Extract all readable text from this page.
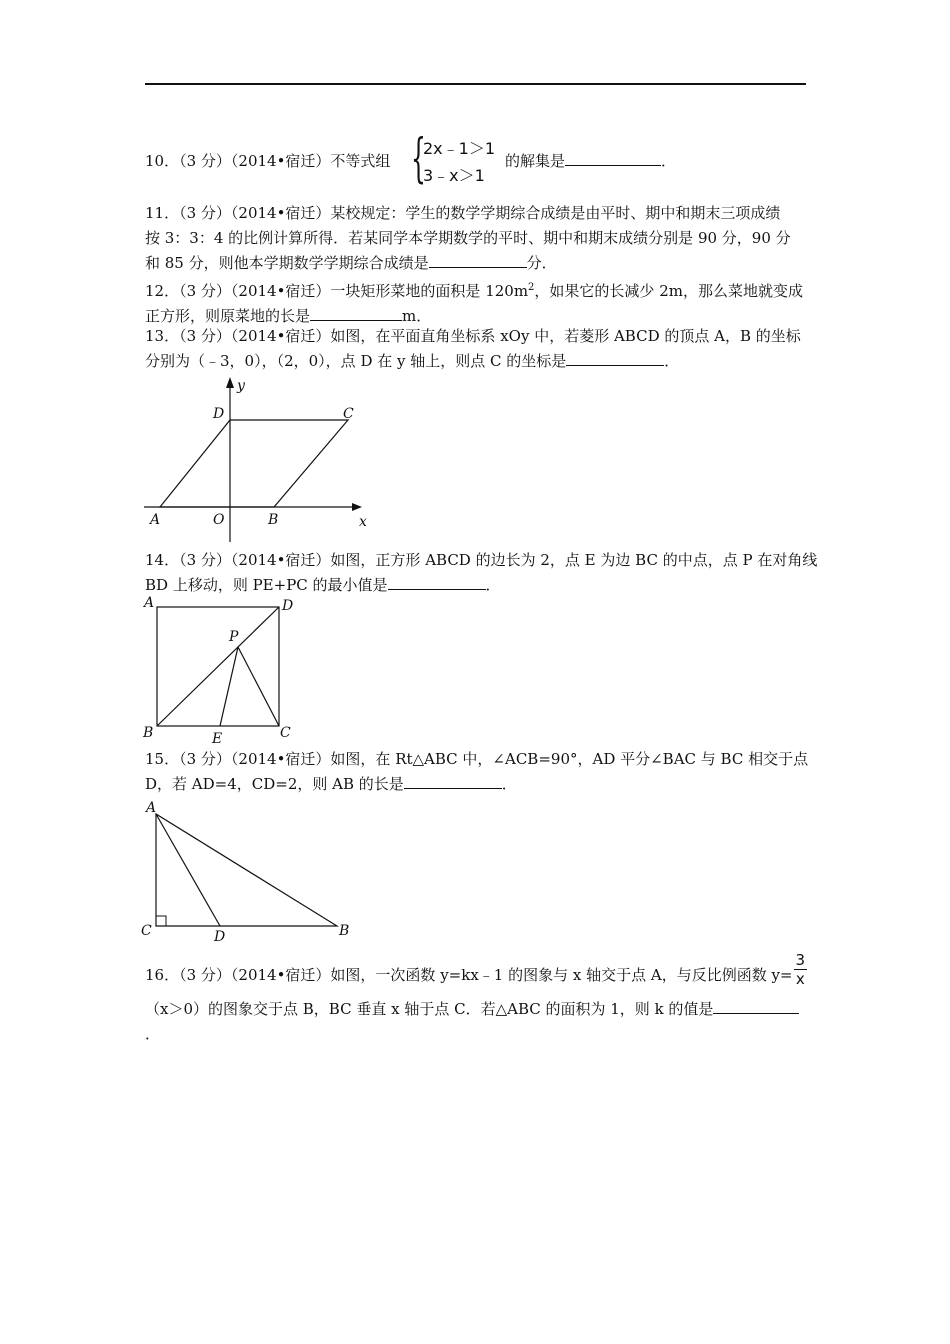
10．（3 分）（2014•宿迁）不等式组 {
2x﹣1＞1
3﹣x＞1
的解集是	．
11．（3 分）（2014•宿迁）某校规定：学生的数学学期综合成绩是由平时、期中和期末三项成绩
按 3：3：4 的比例计算所得．若某同学本学期数学的平时、期中和期末成绩分别是 90 分，90 分
和 85 分，则他本学期数学学期综合成绩是	分．
12．（3 分）（2014•宿迁）一块矩形菜地的面积是 $120m^2$，如果它的长减少 2m，那么菜地就变成
正方形，则原菜地的长是	m．
13．（3 分）（2014•宿迁）如图，在平面直角坐标系 xOy 中，若菱形 ABCD 的顶点 A，B 的坐标
分别为（﹣3，0），（2，0），点 D 在 y 轴上，则点 C 的坐标是	．
y
D	C
A	O	B	x
14．（3 分）（2014•宿迁）如图，正方形 ABCD 的边长为 2，点 E 为边 BC 的中点，点 P 在对角线
BD 上移动，则 PE+PC 的最小值是	．
A	D
P
B	E	C
15．（3 分）（2014•宿迁）如图，在 Rt△ABC 中，∠ACB=90°，AD 平分∠BAC 与 BC 相交于点
D，若 AD=4，CD=2，则 AB 的长是	．
A
C	D	B
16．（3 分）（2014•宿迁）如图，一次函数 y=kx﹣1 的图象与 x 轴交于点 A，与反比例函数 $y= \frac{3}{x}$
（x＞0）的图象交于点 B，BC 垂直 x 轴于点 C．若△ABC 的面积为 1，则 k 的值是
．
